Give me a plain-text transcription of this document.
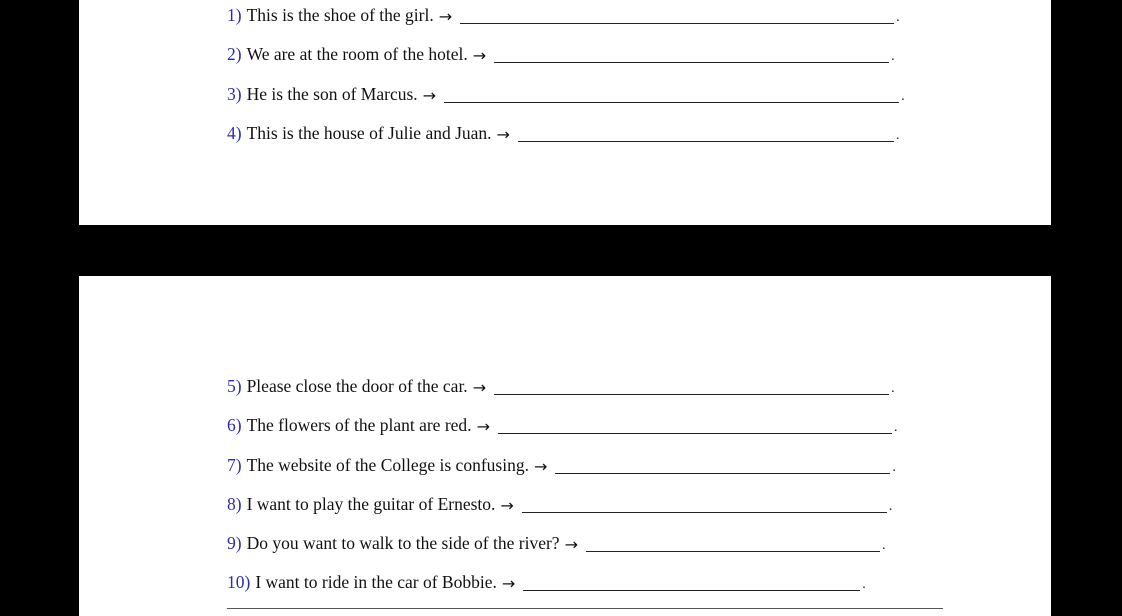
1) This is the shoe of the girl. →	.
2) We are at the room of the hotel. →	.
3) He is the son of Marcus. →	.
4) This is the house of Julie and Juan. →	.
5) Please close the door of the car. →	.
6) The flowers of the plant are red. →	.
7) The website of the College is confusing. →	.
8) I want to play the guitar of Ernesto. →	.
9) Do you want to walk to the side of the river? →	.
10) I want to ride in the car of Bobbie. →	.
